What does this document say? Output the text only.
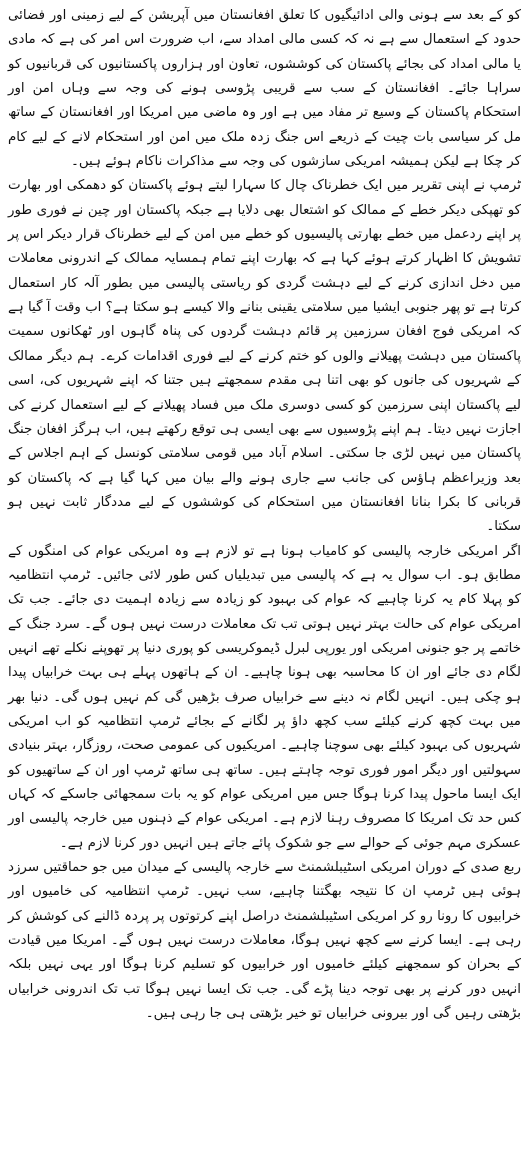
کو کے بعد سے ہونی والی ادائیگیوں کا تعلق افغانستان میں آپریشن کے لیے زمینی اور فضائی حدود کے استعمال سے ہے نہ کہ کسی مالی امداد سے، اب ضرورت اس امر کی ہے کہ مادی یا مالی امداد کی بجائے پاکستان کی کوششوں، تعاون اور ہزاروں پاکستانیوں کی قربانیوں کو سراہا جائے۔ افغانستان کے سب سے قریبی پڑوسی ہونے کی وجہ سے وہاں امن اور استحکام پاکستان کے وسیع تر مفاد میں ہے اور وہ ماضی میں امریکا اور افغانستان کے ساتھ مل کر سیاسی بات چیت کے ذریعے اس جنگ زدہ ملک میں امن اور استحکام لانے کے لیے کام کر چکا ہے لیکن ہمیشہ امریکی سازشوں کی وجہ سے مذاکرات ناکام ہوئے ہیں۔

ٹرمپ نے اپنی تقریر میں ایک خطرناک چال کا سہارا لیتے ہوئے پاکستان کو دھمکی اور بھارت کو تھپکی دیکر خطے کے ممالک کو اشتعال بھی دلایا ہے جبکہ پاکستان اور چین نے فوری طور پر اپنے ردعمل میں خطے بھارتی پالیسیوں کو خطے میں امن کے لیے خطرناک قرار دیکر اس پر تشویش کا اظہار کرتے ہوئے کہا ہے کہ بھارت اپنے تمام ہمسایہ ممالک کے اندرونی معاملات میں دخل اندازی کرنے کے لیے دہشت گردی کو ریاستی پالیسی میں بطور آلہ کار استعمال کرتا ہے تو پھر جنوبی ایشیا میں سلامتی یقینی بنانے والا کیسے ہو سکتا ہے؟ اب وقت آ گیا ہے کہ امریکی فوج افغان سرزمین پر قائم دہشت گردوں کی پناہ گاہوں اور ٹھکانوں سمیت پاکستان میں دہشت پھیلانے والوں کو ختم کرنے کے لیے فوری اقدامات کرے۔ ہم دیگر ممالک کے شہریوں کی جانوں کو بھی اتنا ہی مقدم سمجھتے ہیں جتنا کہ اپنے شہریوں کی، اسی لیے پاکستان اپنی سرزمین کو کسی دوسری ملک میں فساد پھیلانے کے لیے استعمال کرنے کی اجازت نہیں دیتا۔ ہم اپنے پڑوسیوں سے بھی ایسی ہی توقع رکھتے ہیں، اب ہرگز افغان جنگ پاکستان میں نہیں لڑی جا سکتی۔ اسلام آباد میں قومی سلامتی کونسل کے اہم اجلاس کے بعد وزیراعظم ہاؤس کی جانب سے جاری ہونے والے بیان میں کہا گیا ہے کہ پاکستان کو قربانی کا بکرا بنانا افغانستان میں استحکام کی کوششوں کے لیے مددگار ثابت نہیں ہو سکتا۔

اگر امریکی خارجہ پالیسی کو کامیاب ہونا ہے تو لازم ہے وہ امریکی عوام کی امنگوں کے مطابق ہو۔ اب سوال یہ ہے کہ پالیسی میں تبدیلیاں کس طور لائی جائیں۔ ٹرمپ انتظامیہ کو پہلا کام یہ کرنا چاہیے کہ عوام کی بہبود کو زیادہ سے زیادہ اہمیت دی جائے۔ جب تک امریکی عوام کی حالت بہتر نہیں ہوتی تب تک معاملات درست نہیں ہوں گے۔ سرد جنگ کے خاتمے پر جو جنونی امریکی اور یورپی لبرل ڈیموکریسی کو پوری دنیا پر تھوپنے نکلے تھے انہیں لگام دی جائے اور ان کا محاسبہ بھی ہونا چاہیے۔ ان کے ہاتھوں پہلے ہی بہت خرابیاں پیدا ہو چکی ہیں۔ انہیں لگام نہ دینے سے خرابیاں صرف بڑھیں گی کم نہیں ہوں گی۔ دنیا بھر میں بہت کچھ کرنے کیلئے سب کچھ داؤ پر لگانے کے بجائے ٹرمپ انتظامیہ کو اب امریکی شہریوں کی بہبود کیلئے بھی سوچنا چاہیے۔ امریکیوں کی عمومی صحت، روزگار، بہتر بنیادی سہولتیں اور دیگر امور فوری توجہ چاہتے ہیں۔ ساتھ ہی ساتھ ٹرمپ اور ان کے ساتھیوں کو ایک ایسا ماحول پیدا کرنا ہوگا جس میں امریکی عوام کو یہ بات سمجھائی جاسکے کہ کہاں کس حد تک امریکا کا مصروف رہنا لازم ہے۔ امریکی عوام کے ذہنوں میں خارجہ پالیسی اور عسکری مہم جوئی کے حوالے سے جو شکوک پائے جاتے ہیں انہیں دور کرنا لازم ہے۔

ربع صدی کے دوران امریکی اسٹیبلشمنٹ سے خارجہ پالیسی کے میدان میں جو حماقتیں سرزد ہوئی ہیں ٹرمپ ان کا نتیجہ بھگتنا چاہیے، سب نہیں۔ ٹرمپ انتظامیہ کی خامیوں اور خرابیوں کا رونا رو کر امریکی اسٹیبلشمنٹ دراصل اپنے کرتوتوں پر پردہ ڈالنے کی کوشش کر رہی ہے۔ ایسا کرنے سے کچھ نہیں ہوگا، معاملات درست نہیں ہوں گے۔ امریکا میں قیادت کے بحران کو سمجھنے کیلئے خامیوں اور خرابیوں کو تسلیم کرنا ہوگا اور یہی نہیں بلکہ انہیں دور کرنے پر بھی توجہ دینا پڑے گی۔ جب تک ایسا نہیں ہوگا تب تک اندرونی خرابیاں بڑھتی رہیں گی اور بیرونی خرابیاں تو خیر بڑھتی ہی جا رہی ہیں۔
